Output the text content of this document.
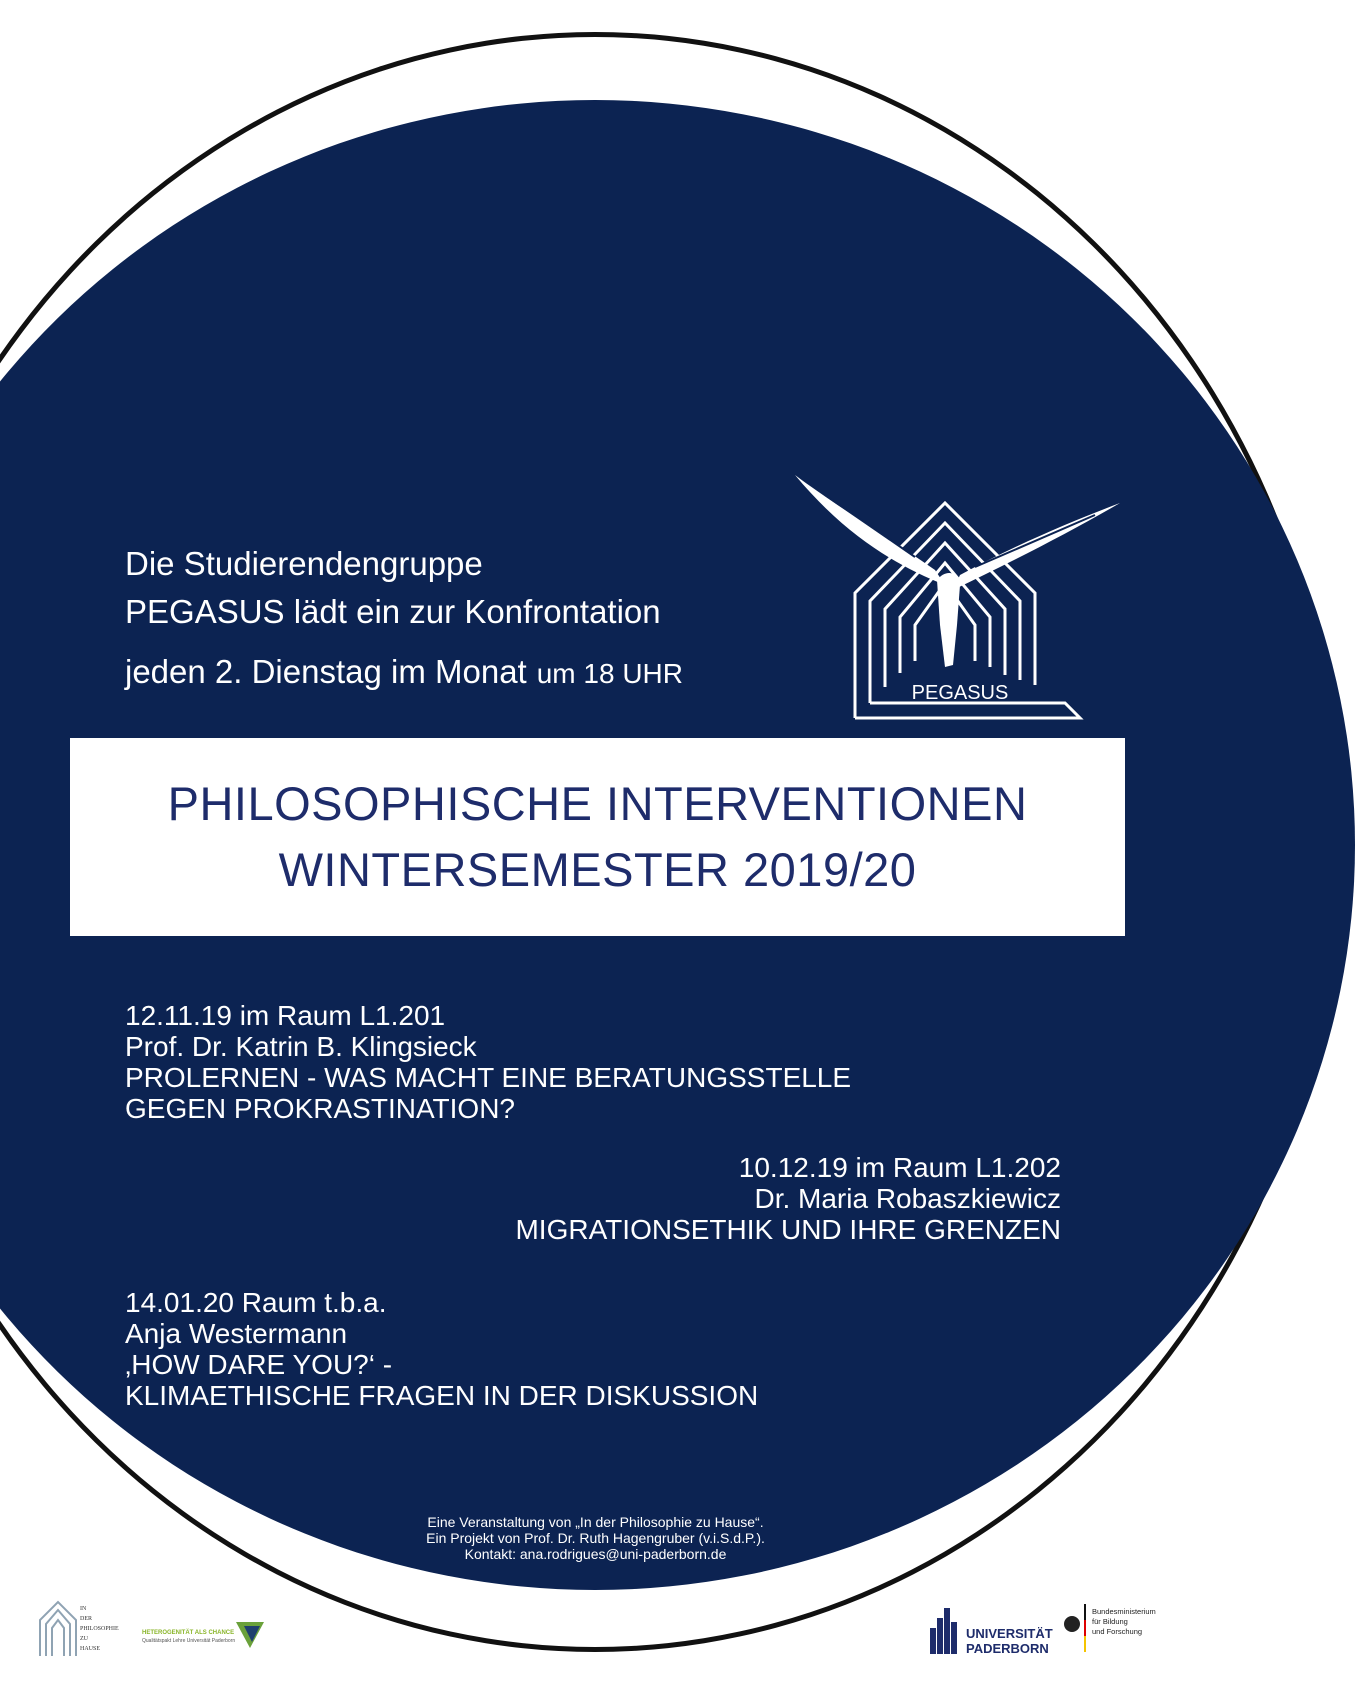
Die Studierendengruppe
PEGASUS lädt ein zur Konfrontation
jeden 2. Dienstag im Monat um 18 UHR
PEGASUS
PHILOSOPHISCHE INTERVENTIONEN
WINTERSEMESTER 2019/20
12.11.19 im Raum L1.201
Prof. Dr. Katrin B. Klingsieck
PROLERNEN - WAS MACHT EINE BERATUNGSSTELLE
GEGEN PROKRASTINATION?
10.12.19 im Raum L1.202
Dr. Maria Robaszkiewicz
MIGRATIONSETHIK UND IHRE GRENZEN
14.01.20 Raum t.b.a.
Anja Westermann
‚HOW DARE YOU?‘ -
KLIMAETHISCHE FRAGEN IN DER DISKUSSION
Eine Veranstaltung von „In der Philosophie zu Hause“.
Ein Projekt von Prof. Dr. Ruth Hagengruber (v.i.S.d.P.).
Kontakt: ana.rodrigues@uni-paderborn.de
IN
DER
PHILOSOPHIE
ZU
HAUSE
HETEROGENITÄT ALS CHANCE
Qualitätspakt Lehre Universität Paderborn	UNIVERSITÄT
PADERBORN
Bundesministerium
für Bildung
und Forschung
